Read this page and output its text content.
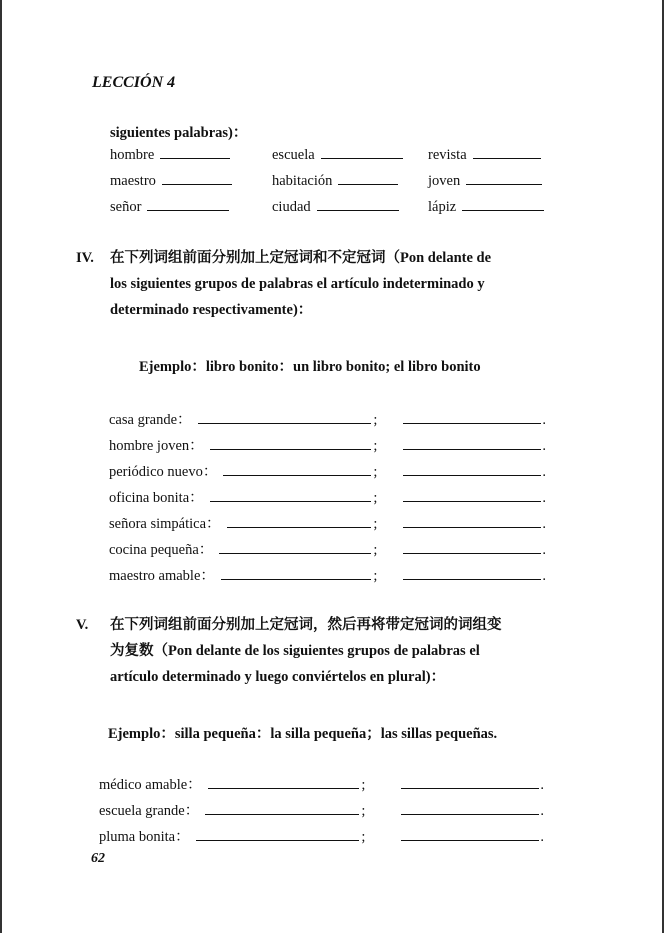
LECCIÓN 4
siguientes palabras)：
hombre	escuela	revista
maestro	habitación	joven
señor	ciudad	lápiz
IV. 在下列词组前面分别加上定冠词和不定冠词（Pon delante de
los siguientes grupos de palabras el artículo indeterminado y
determinado respectivamente)：
Ejemplo：libro bonito：un libro bonito; el libro bonito
casa grande：	;	.
hombre joven：	;	.
periódico nuevo：	;	.
oficina bonita：	;	.
señora simpática：	;	.
cocina pequeña：	;	.
maestro amable：	;	.
V. 在下列词组前面分别加上定冠词，然后再将带定冠词的词组变
为复数（Pon delante de los siguientes grupos de palabras el
artículo determinado y luego conviértelos en plural)：
Ejemplo：silla pequeña：la silla pequeña；las sillas pequeñas.
médico amable：	;	.
escuela grande：	;	.
pluma bonita：	;	.
62
